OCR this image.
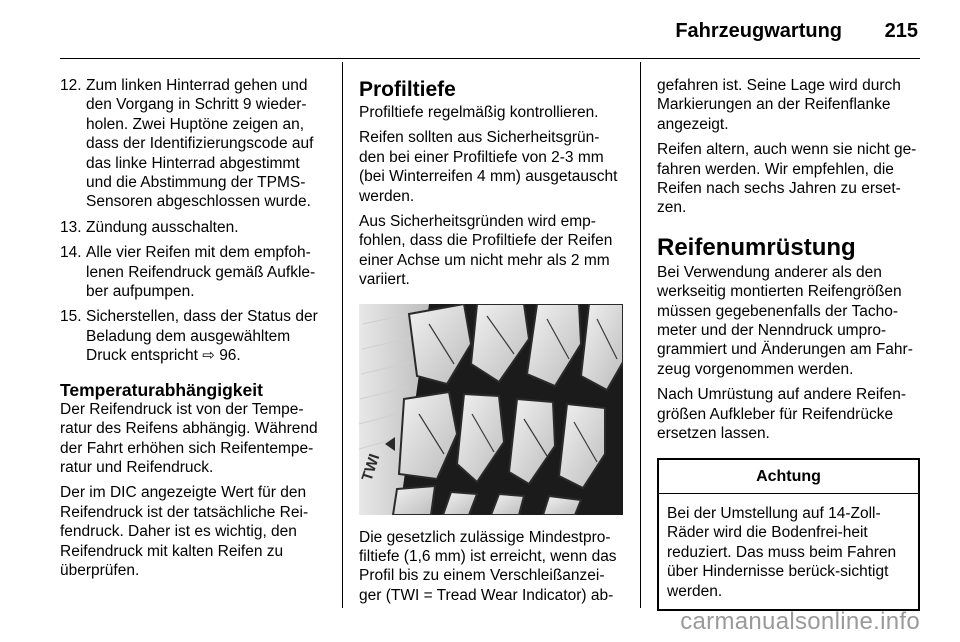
Fahrzeugwartung 215
12. Zum linken Hinterrad gehen und den Vorgang in Schritt 9 wieder-holen. Zwei Huptöne zeigen an, dass der Identifizierungscode auf das linke Hinterrad abgestimmt und die Abstimmung der TPMS-Sensoren abgeschlossen wurde.
13. Zündung ausschalten.
14. Alle vier Reifen mit dem empfoh-lenen Reifendruck gemäß Aufkle-ber aufpumpen.
15. Sicherstellen, dass der Status der Beladung dem ausgewähltem Druck entspricht ⇨ 96.
Temperaturabhängigkeit

Der Reifendruck ist von der Tempe-ratur des Reifens abhängig. Während der Fahrt erhöhen sich Reifentempe-ratur und Reifendruck.

Der im DIC angezeigte Wert für den Reifendruck ist der tatsächliche Rei-fendruck. Daher ist es wichtig, den Reifendruck mit kalten Reifen zu überprüfen.

Profiltiefe

Profiltiefe regelmäßig kontrollieren.

Reifen sollten aus Sicherheitsgrün-den bei einer Profiltiefe von 2-3 mm (bei Winterreifen 4 mm) ausgetauscht werden.

Aus Sicherheitsgründen wird emp-fohlen, dass die Profiltiefe der Reifen einer Achse um nicht mehr als 2 mm variiert.

TWI

Die gesetzlich zulässige Mindestpro-filtiefe (1,6 mm) ist erreicht, wenn das Profil bis zu einem Verschleißanzei-ger (TWI = Tread Wear Indicator) ab-

gefahren ist. Seine Lage wird durch Markierungen an der Reifenflanke angezeigt.

Reifen altern, auch wenn sie nicht ge-fahren werden. Wir empfehlen, die Reifen nach sechs Jahren zu erset-zen.

Reifenumrüstung

Bei Verwendung anderer als den werkseitig montierten Reifengrößen müssen gegebenenfalls der Tacho-meter und der Nenndruck umpro-grammiert und Änderungen am Fahr-zeug vorgenommen werden.

Nach Umrüstung auf andere Reifen-größen Aufkleber für Reifendrücke ersetzen lassen.

Achtung
Bei der Umstellung auf 14-Zoll-Räder wird die Bodenfrei-heit reduziert. Das muss beim Fahren über Hindernisse berück-sichtigt werden.
carmanualsonline.info
